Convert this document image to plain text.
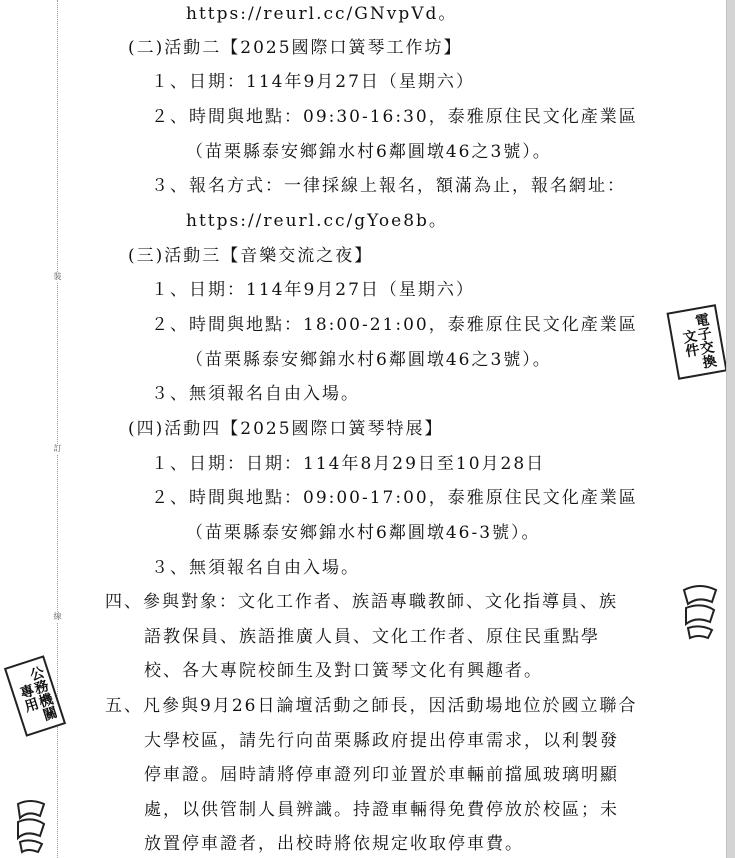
裝
訂
線
https://reurl.cc/GNvpVd。
(二)活動二【2025國際口簧琴工作坊】
１、日期：114年9月27日（星期六）
２、時間與地點：09:30-16:30，泰雅原住民文化產業區
（苗栗縣泰安鄉錦水村6鄰圓墩46之3號）。
３、報名方式：一律採線上報名，額滿為止，報名網址：
https://reurl.cc/gYoe8b。
(三)活動三【音樂交流之夜】
１、日期：114年9月27日（星期六）
２、時間與地點：18:00-21:00，泰雅原住民文化產業區
（苗栗縣泰安鄉錦水村6鄰圓墩46之3號）。
３、無須報名自由入場。
(四)活動四【2025國際口簧琴特展】
１、日期：日期：114年8月29日至10月28日
２、時間與地點：09:00-17:00，泰雅原住民文化產業區
（苗栗縣泰安鄉錦水村6鄰圓墩46-3號）。
３、無須報名自由入場。
四、參與對象：文化工作者、族語專職教師、文化指導員、族
語教保員、族語推廣人員、文化工作者、原住民重點學
校、各大專院校師生及對口簧琴文化有興趣者。
五、凡參與9月26日論壇活動之師長，因活動場地位於國立聯合
大學校區，請先行向苗栗縣政府提出停車需求，以利製發
停車證。屆時請將停車證列印並置於車輛前擋風玻璃明顯
處，以供管制人員辨識。持證車輛得免費停放於校區；未
放置停車證者，出校時將依規定收取停車費。
電子交換文件
公務機關專用
